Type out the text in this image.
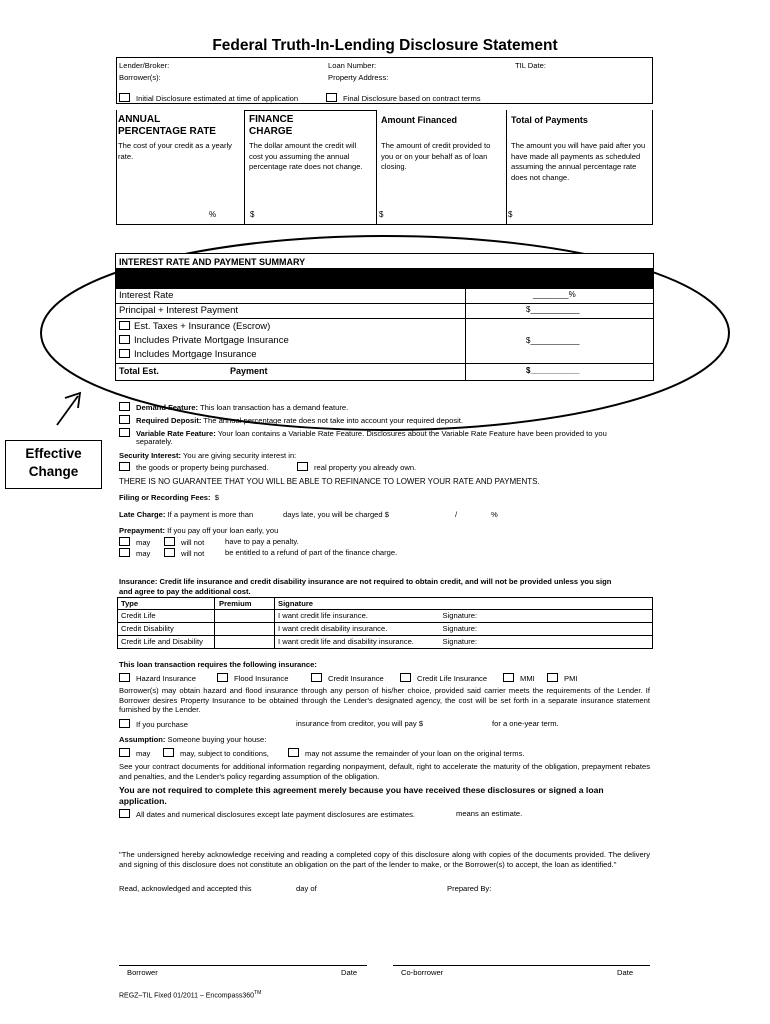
Federal Truth-In-Lending Disclosure Statement
Lender/Broker:	Loan Number:	TIL Date:
Borrower(s):	Property Address:
Initial Disclosure estimated at time of application	Final Disclosure based on contract terms
ANNUAL
PERCENTAGE RATE
The cost of your credit as a yearly rate.
%
FINANCE
CHARGE
The dollar amount the credit will cost you assuming the annual percentage rate does not change.
$
Amount Financed
The amount of credit provided to you or on your behalf as of loan closing.
$
Total of Payments
The amount you will have paid after you have made all payments as scheduled assuming the annual percentage rate does not change.
$
INTEREST RATE AND PAYMENT SUMMARY
Interest Rate	________%
Principal + Interest Payment	$___________
Est. Taxes + Insurance (Escrow)
Includes Private Mortgage Insurance
Includes Mortgage Insurance
$___________
Total Est.	Payment	$___________
Effective
Change
Demand Feature: This loan transaction has a demand feature.
Required Deposit: The annual percentage rate does not take into account your required deposit.
Variable Rate Feature: Your loan contains a Variable Rate Feature. Disclosures about the Variable Rate Feature have been provided to you
separately.
Security Interest: You are giving security interest in:
the goods or property being purchased.	real property you already own.
THERE IS NO GUARANTEE THAT YOU WILL BE ABLE TO REFINANCE TO LOWER YOUR RATE AND PAYMENTS.
Filing or Recording Fees: $
Late Charge: If a payment is more than	days late, you will be charged $	/	%
Prepayment: If you pay off your loan early, you
may	will not	have to pay a penalty.
may	will not	be entitled to a refund of part of the finance charge.
Insurance: Credit life insurance and credit disability insurance are not required to obtain credit, and will not be provided unless you sign
and agree to pay the additional cost.
Type	Premium	Signature	
Credit Life		I want credit life insurance.	Signature:
Credit Disability		I want credit disability insurance.	Signature:
Credit Life and Disability		I want credit life and disability insurance.	Signature:
This loan transaction requires the following insurance:
Hazard Insurance	Flood Insurance	Credit Insurance	Credit Life Insurance	MMI	PMI
Borrower(s) may obtain hazard and flood insurance through any person of his/her choice, provided said carrier meets the requirements of the Lender. If Borrower desires Property Insurance to be obtained through the Lender's designated agency, the cost will be set forth in a separate insurance statement furnished by the Lender.
If you purchase	insurance from creditor, you will pay $	for a one-year term.
Assumption: Someone buying your house:
may	may, subject to conditions,	may not assume the remainder of your loan on the original terms.
See your contract documents for additional information regarding nonpayment, default, right to accelerate the maturity of the obligation, prepayment rebates and penalties, and the Lender's policy regarding assumption of the obligation.
You are not required to complete this agreement merely because you have received these disclosures or signed a loan application.
All dates and numerical disclosures except late payment disclosures are estimates.	means an estimate.
"The undersigned hereby acknowledge receiving and reading a completed copy of this disclosure along with copies of the documents provided. The delivery and signing of this disclosure does not constitute an obligation on the part of the lender to make, or the Borrower(s) to accept, the loan as identified."
Read, acknowledged and accepted this	day of	Prepared By:
Borrower	Date	Co-borrower	Date
REGZ–TIL Fixed 01/2011 – Encompass360™
